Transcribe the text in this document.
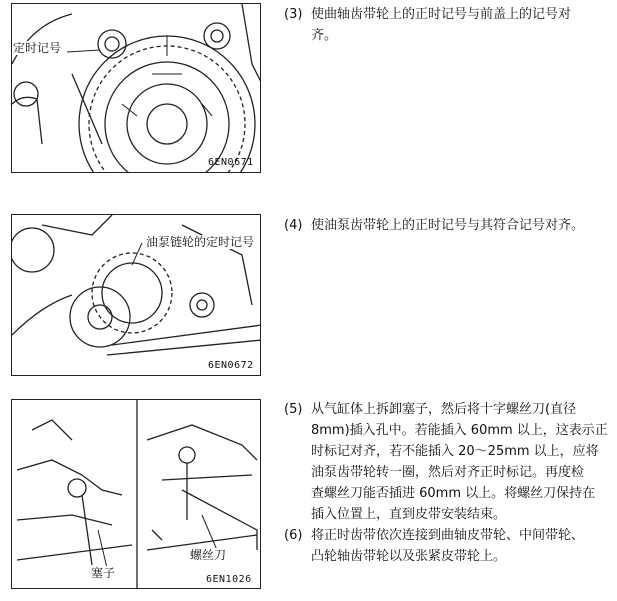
定时记号
6EN0671
油泵链轮的定时记号
6EN0672
塞子
螺丝刀
6EN1026
(3) 使曲轴齿带轮上的正时记号与前盖上的记号对
齐。
(4) 使油泵齿带轮上的正时记号与其符合记号对齐。
(5) 从气缸体上拆卸塞子，然后将十字螺丝刀(直径
8mm)插入孔中。若能插入 60mm 以上，这表示正
时标记对齐，若不能插入 20～25mm 以上，应将
油泵齿带轮转一圈，然后对齐正时标记。再度检
查螺丝刀能否插进 60mm 以上。将螺丝刀保持在
插入位置上，直到皮带安装结束。
(6) 将正时齿带依次连接到曲轴皮带轮、中间带轮、
凸轮轴齿带轮以及张紧皮带轮上。
